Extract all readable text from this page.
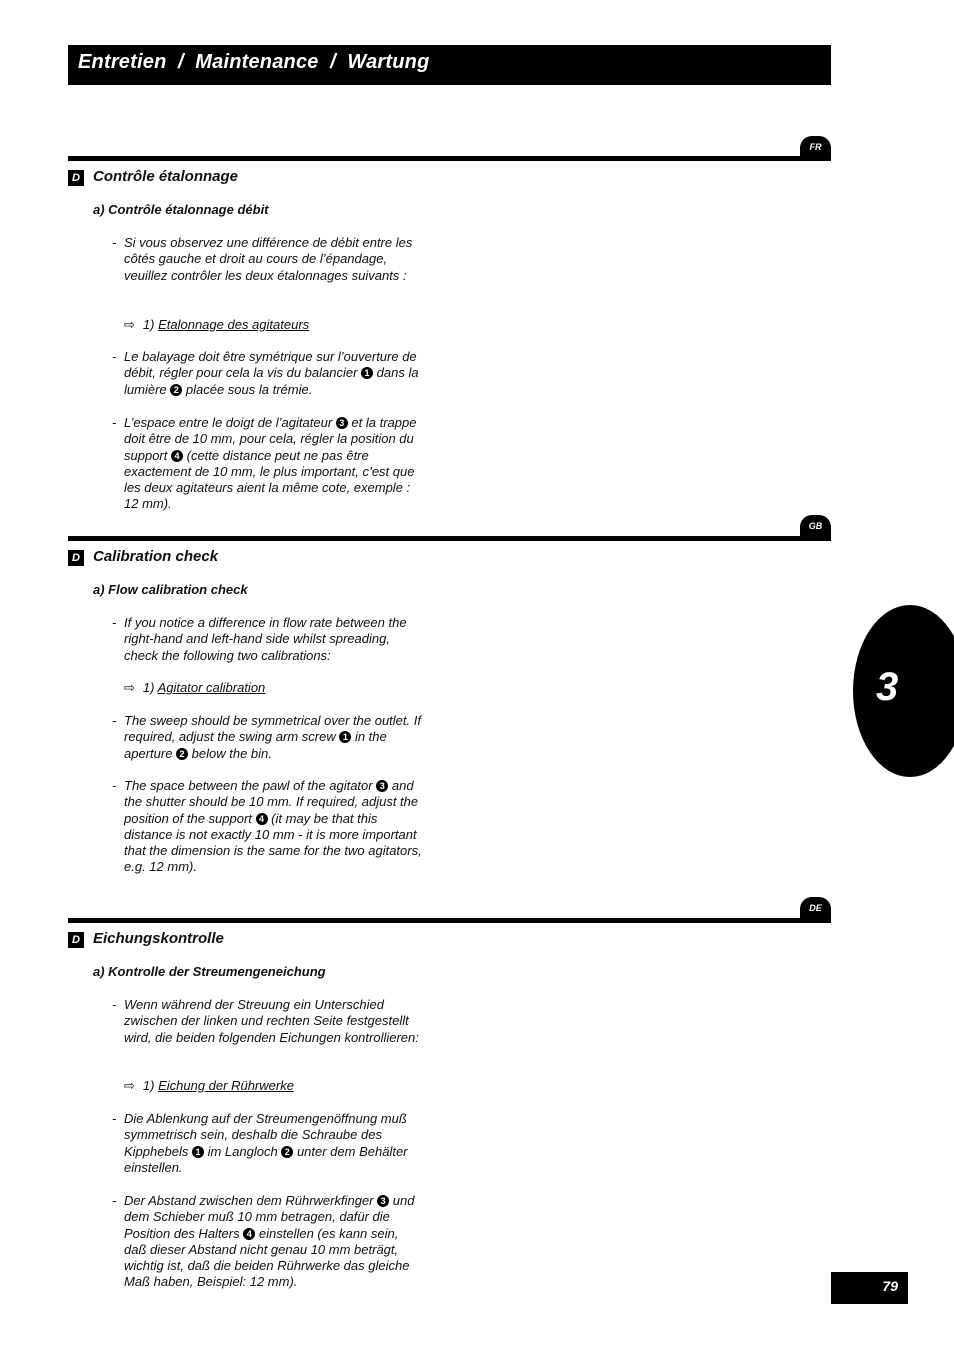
Entretien  /  Maintenance  /  Wartung
FR
D Contrôle étalonnage
a) Contrôle étalonnage débit
- Si vous observez une différence de débit entre les côtés gauche et droit au cours de l’épandage, veuillez contrôler les deux étalonnages suivants :
⇨ 1) Etalonnage des agitateurs
- Le balayage doit être symétrique sur l’ouverture de débit, régler pour cela la vis du balancier 1 dans la lumière 2 placée sous la trémie.
- L’espace entre le doigt de l’agitateur 3 et la trappe doit être de 10 mm, pour cela, régler la position du support 4 (cette distance peut ne pas être exactement de 10 mm, le plus important, c’est que les deux agitateurs aient la même cote, exemple : 12 mm).
GB
D Calibration check
a) Flow calibration check
- If you notice a difference in flow rate between the right-hand and left-hand side whilst spreading, check the following two calibrations:
⇨ 1) Agitator calibration
- The sweep should be symmetrical over the outlet. If required, adjust the swing arm screw 1 in the aperture 2 below the bin.
- The space between the pawl of the agitator 3 and the shutter should be 10 mm. If required, adjust the position of the support 4 (it may be that this distance is not exactly 10 mm - it is more important that the dimension is the same for the two agitators, e.g. 12 mm).
DE
D Eichungskontrolle
a) Kontrolle der Streumengeneichung
- Wenn während der Streuung ein Unterschied zwischen der linken und rechten Seite festgestellt wird, die beiden folgenden Eichungen kontrollieren:
⇨ 1) Eichung der Rührwerke
- Die Ablenkung auf der Streumengenöffnung muß symmetrisch sein, deshalb die Schraube des Kipphebels 1 im Langloch 2 unter dem Behälter einstellen.
- Der Abstand zwischen dem Rührwerkfinger 3 und dem Schieber muß 10 mm betragen, dafür die Position des Halters 4 einstellen (es kann sein, daß dieser Abstand nicht genau 10 mm beträgt, wichtig ist, daß die beiden Rührwerke das gleiche Maß haben, Beispiel: 12 mm).
3
79
